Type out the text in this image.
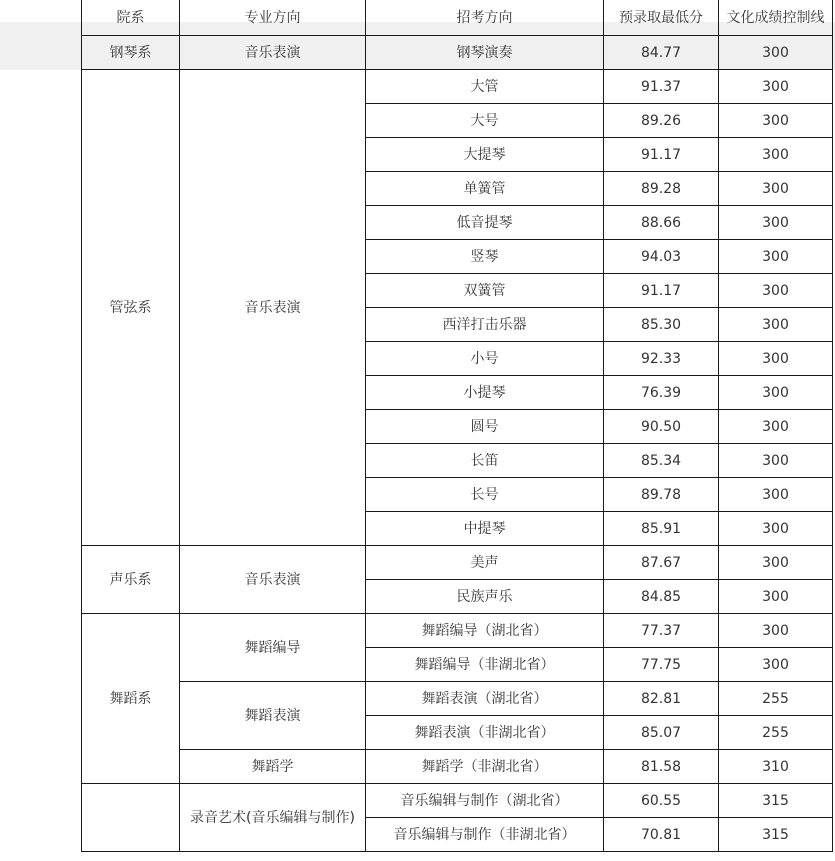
院系	专业方向	招考方向	预录取最低分	文化成绩控制线
钢琴系	音乐表演	钢琴演奏	84.77	300
管弦系	音乐表演	大管	91.37	300
		大号	89.26	300
		大提琴	91.17	300
		单簧管	89.28	300
		低音提琴	88.66	300
		竖琴	94.03	300
		双簧管	91.17	300
		西洋打击乐器	85.30	300
		小号	92.33	300
		小提琴	76.39	300
		圆号	90.50	300
		长笛	85.34	300
		长号	89.78	300
		中提琴	85.91	300
声乐系	音乐表演	美声	87.67	300
		民族声乐	84.85	300
舞蹈系	舞蹈编导	舞蹈编导（湖北省）	77.37	300
		舞蹈编导（非湖北省）	77.75	300
	舞蹈表演	舞蹈表演（湖北省）	82.81	255
		舞蹈表演（非湖北省）	85.07	255
	舞蹈学	舞蹈学（非湖北省）	81.58	310
	录音艺术(音乐编辑与制作)	音乐编辑与制作（湖北省）	60.55	315
		音乐编辑与制作（非湖北省）	70.81	315
